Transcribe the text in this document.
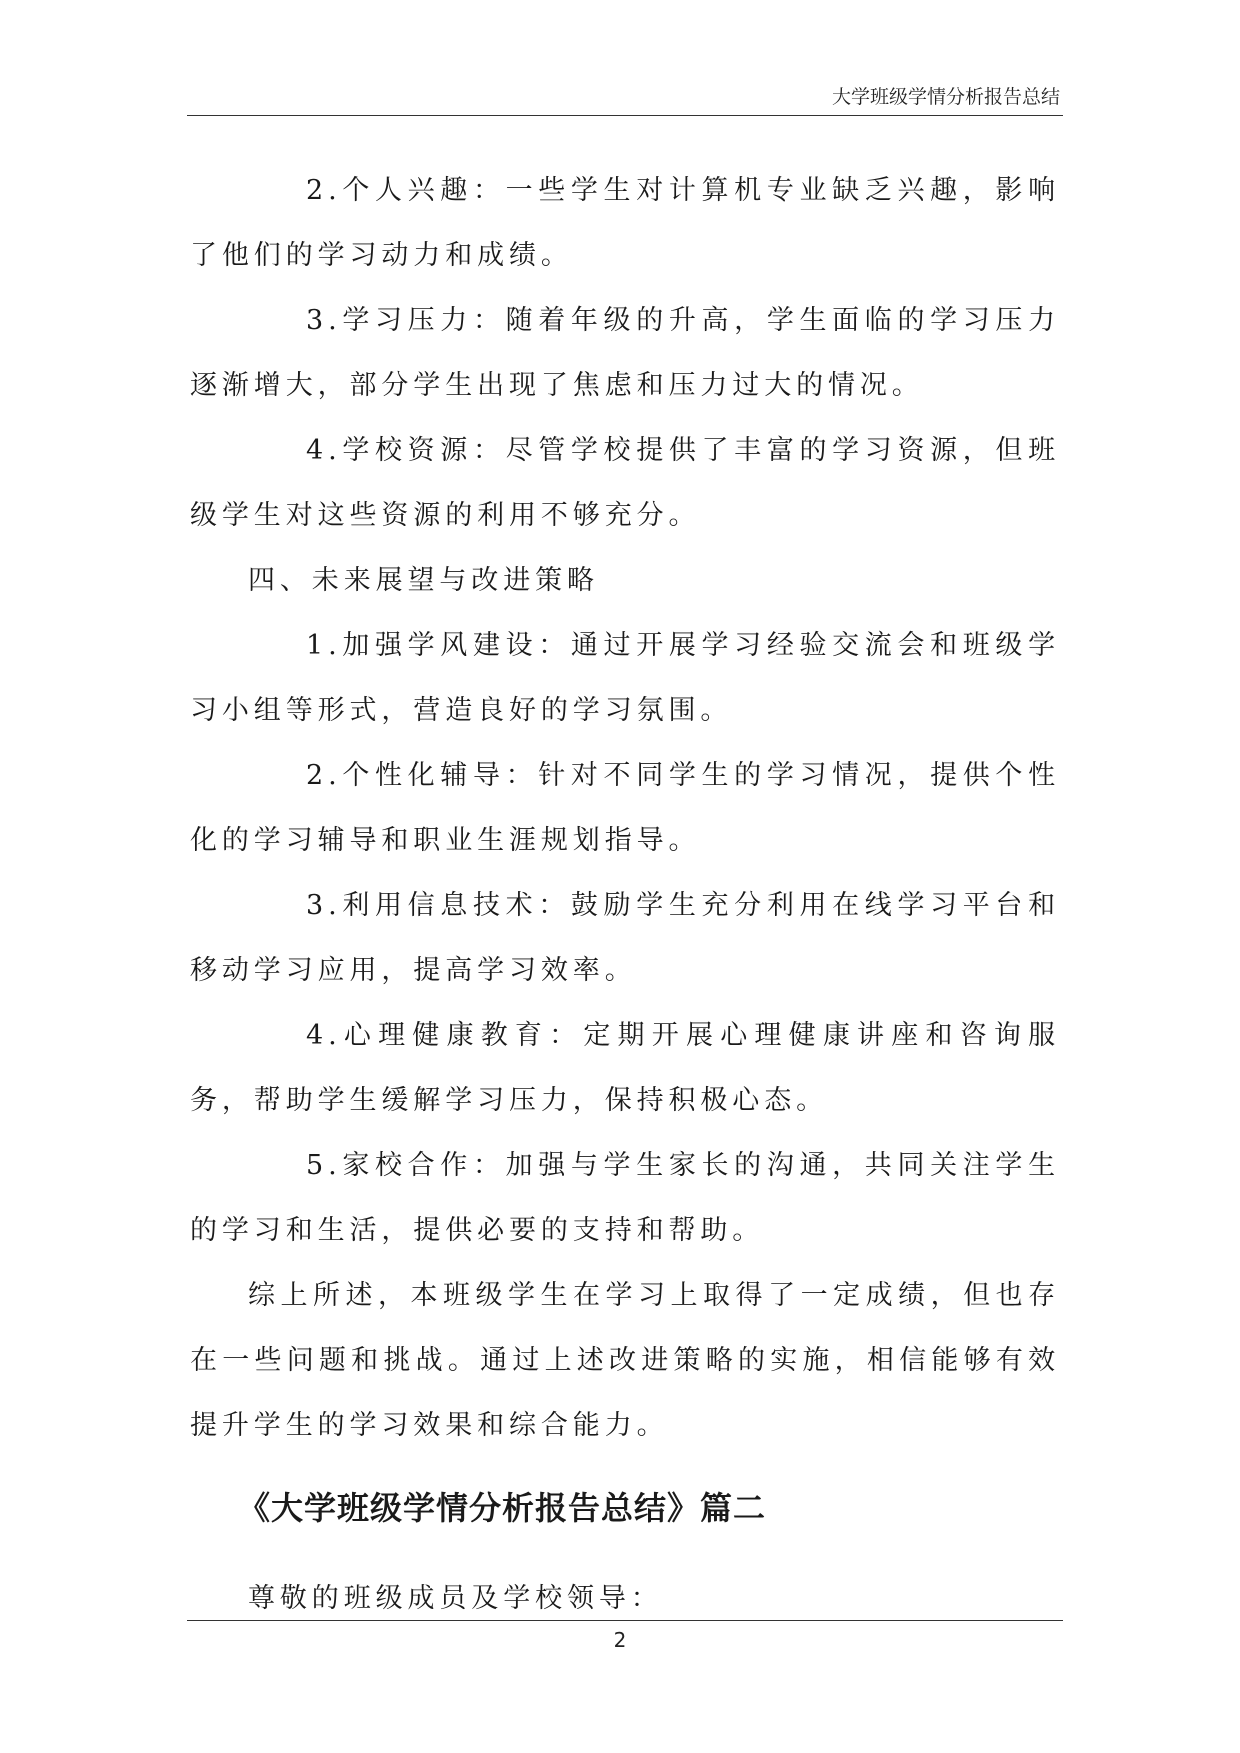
大学班级学情分析报告总结

2.个人兴趣：一些学生对计算机专业缺乏兴趣，影响了他们的学习动力和成绩。

3.学习压力：随着年级的升高，学生面临的学习压力逐渐增大，部分学生出现了焦虑和压力过大的情况。

4.学校资源：尽管学校提供了丰富的学习资源，但班级学生对这些资源的利用不够充分。

四、未来展望与改进策略

1.加强学风建设：通过开展学习经验交流会和班级学习小组等形式，营造良好的学习氛围。

2.个性化辅导：针对不同学生的学习情况，提供个性化的学习辅导和职业生涯规划指导。

3.利用信息技术：鼓励学生充分利用在线学习平台和移动学习应用，提高学习效率。

4.心理健康教育：定期开展心理健康讲座和咨询服务，帮助学生缓解学习压力，保持积极心态。

5.家校合作：加强与学生家长的沟通，共同关注学生的学习和生活，提供必要的支持和帮助。

综上所述，本班级学生在学习上取得了一定成绩，但也存在一些问题和挑战。通过上述改进策略的实施，相信能够有效提升学生的学习效果和综合能力。

《大学班级学情分析报告总结》篇二

尊敬的班级成员及学校领导：

2
